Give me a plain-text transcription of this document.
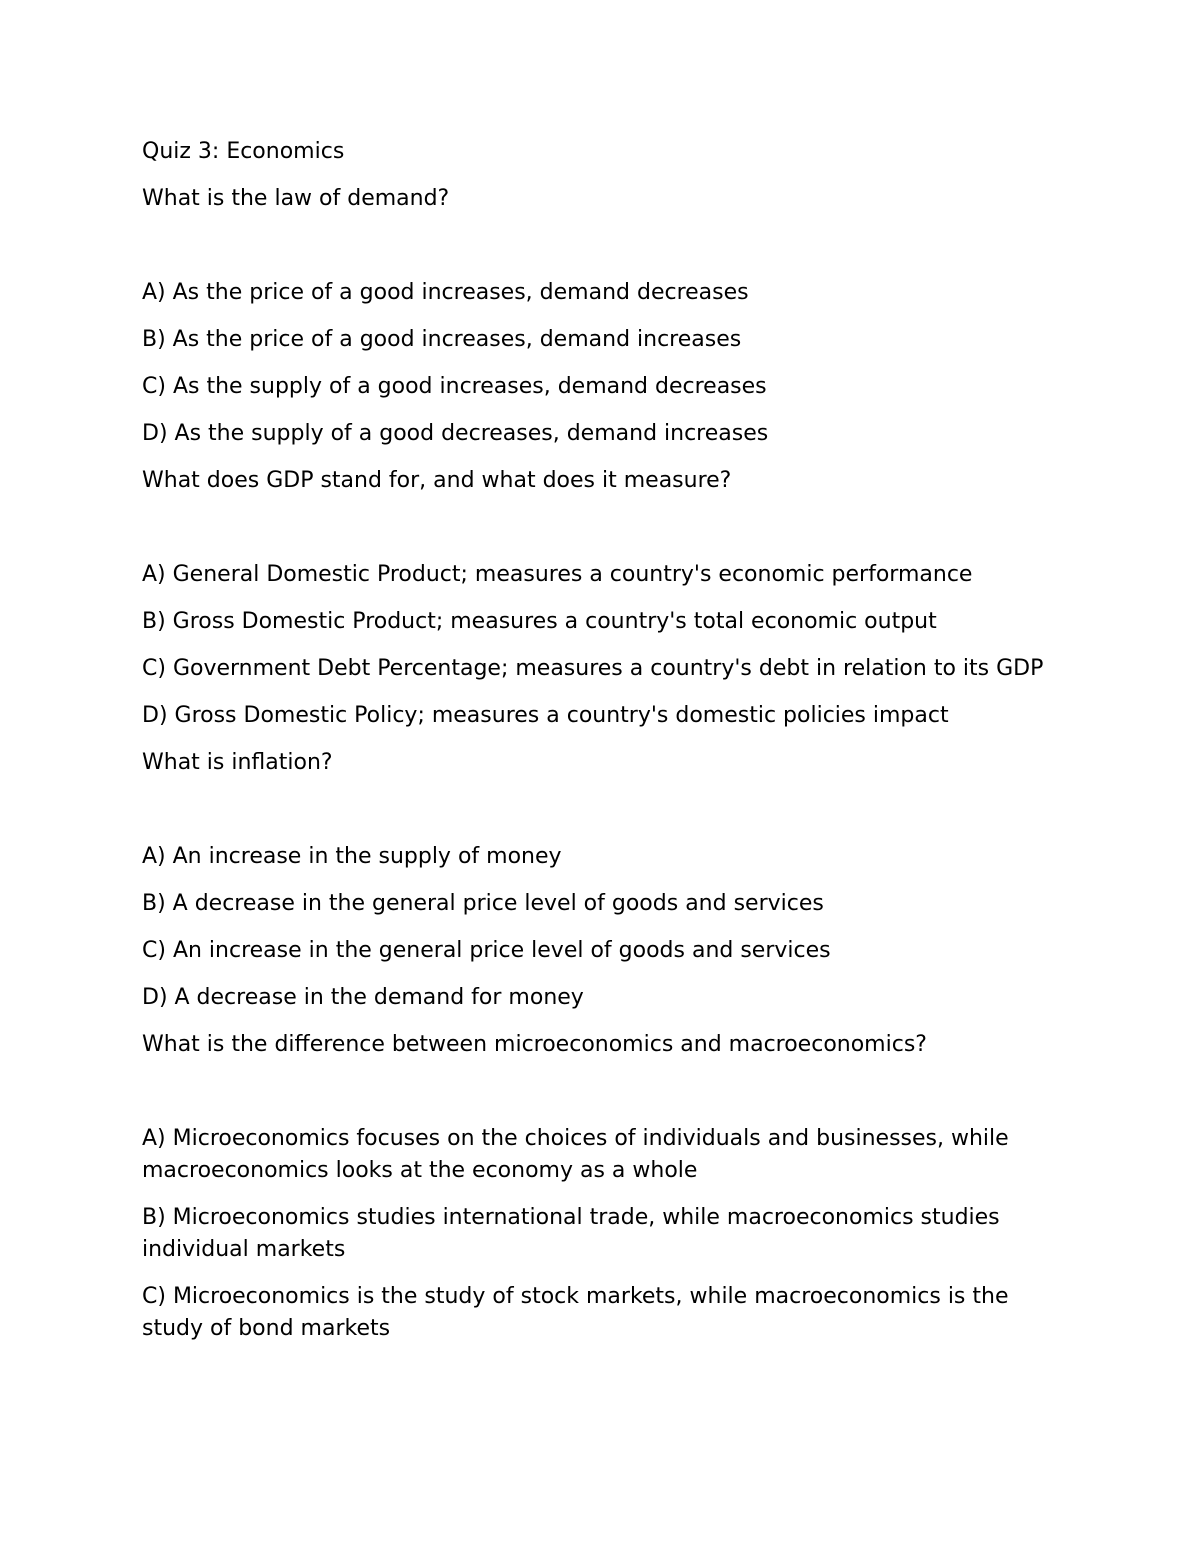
Quiz 3: Economics
What is the law of demand?
A) As the price of a good increases, demand decreases
B) As the price of a good increases, demand increases
C) As the supply of a good increases, demand decreases
D) As the supply of a good decreases, demand increases
What does GDP stand for, and what does it measure?
A) General Domestic Product; measures a country's economic performance
B) Gross Domestic Product; measures a country's total economic output
C) Government Debt Percentage; measures a country's debt in relation to its GDP
D) Gross Domestic Policy; measures a country's domestic policies impact
What is inflation?
A) An increase in the supply of money
B) A decrease in the general price level of goods and services
C) An increase in the general price level of goods and services
D) A decrease in the demand for money
What is the difference between microeconomics and macroeconomics?
A) Microeconomics focuses on the choices of individuals and businesses, while macroeconomics looks at the economy as a whole
B) Microeconomics studies international trade, while macroeconomics studies individual markets
C) Microeconomics is the study of stock markets, while macroeconomics is the study of bond markets
